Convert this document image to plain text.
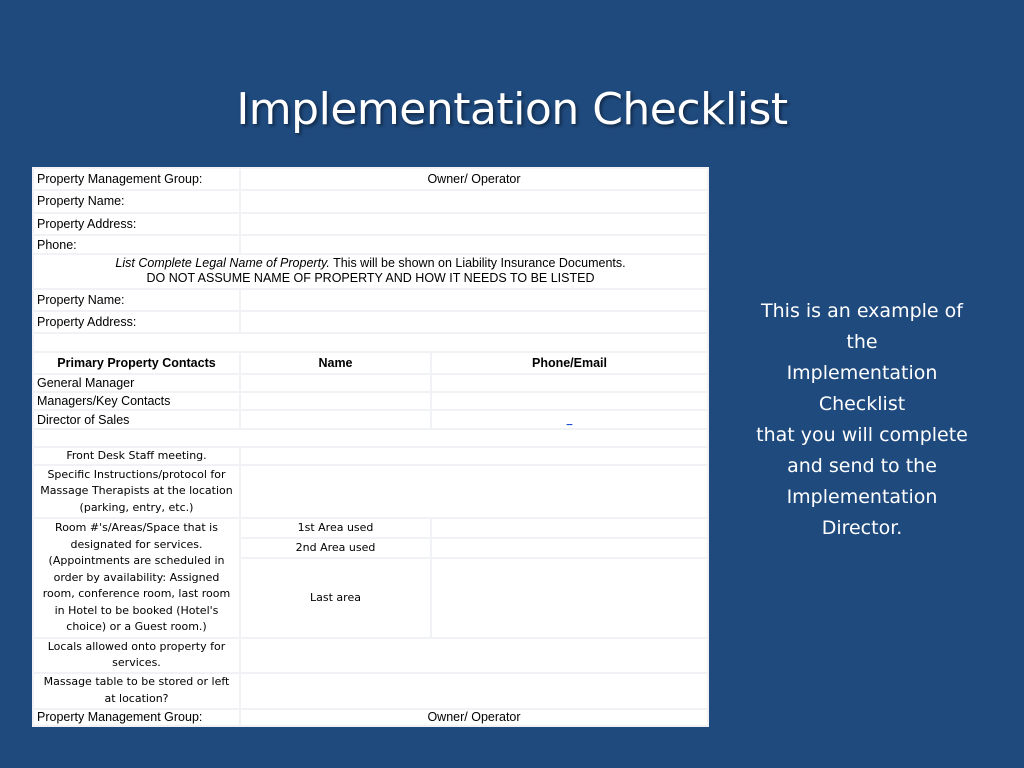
Implementation Checklist
Property Management Group:	Owner/ Operator	
Property Name:		
Property Address:		
Phone:		
List Complete Legal Name of Property. This will be shown on Liability Insurance Documents.
DO NOT ASSUME NAME OF PROPERTY AND HOW IT NEEDS TO BE LISTED		
Property Name:		
Property Address:		

Primary Property Contacts	Name	Phone/Email
General Manager		
Managers/Key Contacts		
Director of Sales		_

Front Desk Staff meeting.		
Specific Instructions/protocol for Massage Therapists at the location (parking, entry, etc.)		
Room #'s/Areas/Space that is designated for services. (Appointments are scheduled in order by availability: Assigned room, conference room, last room in Hotel to be booked (Hotel's choice) or a Guest room.)	1st Area used	
	2nd Area used	
	Last area	
Locals allowed onto property for services.		
Massage table to be stored or left at location?		
Property Management Group:	Owner/ Operator	
This is an example of
the
Implementation
Checklist
that you will complete
and send to the
Implementation
Director.
